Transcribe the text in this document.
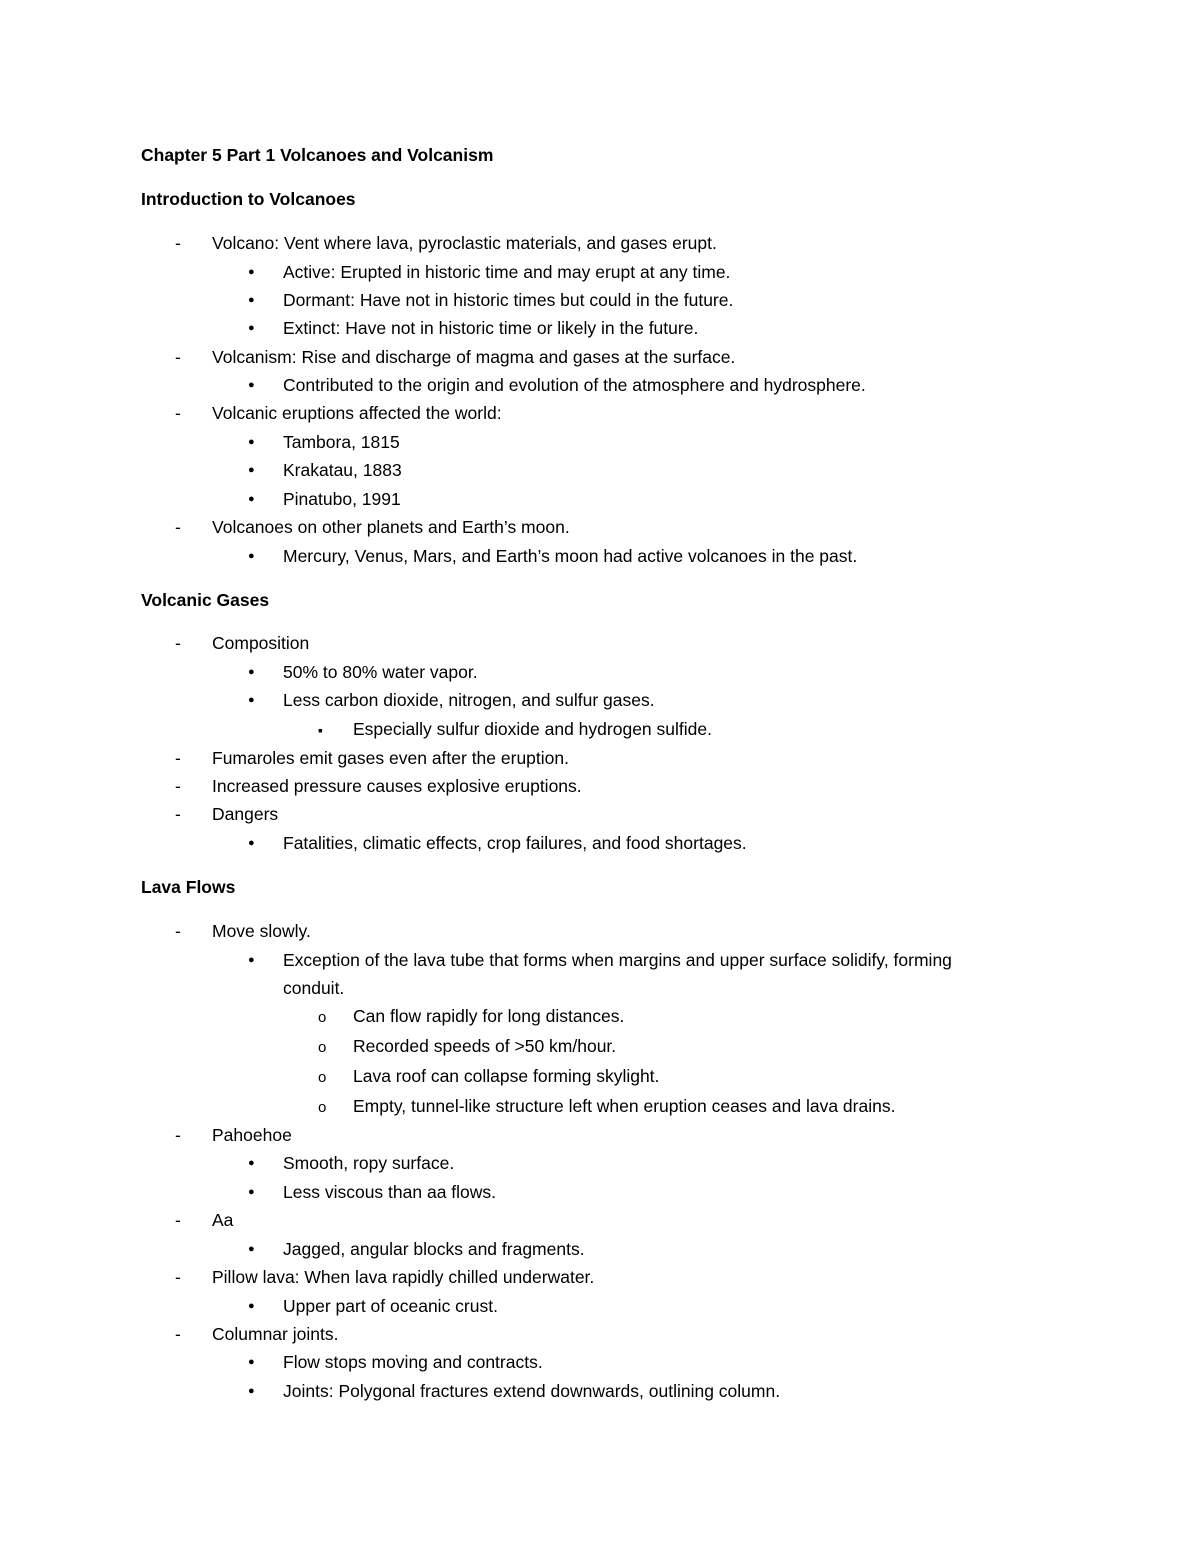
Chapter 5 Part 1 Volcanoes and Volcanism
Introduction to Volcanoes
-
Volcano: Vent where lava, pyroclastic materials, and gases erupt.
●
Active: Erupted in historic time and may erupt at any time.
●
Dormant: Have not in historic times but could in the future.
●
Extinct: Have not in historic time or likely in the future.
-
Volcanism: Rise and discharge of magma and gases at the surface.
●
Contributed to the origin and evolution of the atmosphere and hydrosphere.
-
Volcanic eruptions affected the world:
●
Tambora, 1815
●
Krakatau, 1883
●
Pinatubo, 1991
-
Volcanoes on other planets and Earth’s moon.
●
Mercury, Venus, Mars, and Earth’s moon had active volcanoes in the past.
Volcanic Gases
-
Composition
●
50% to 80% water vapor.
●
Less carbon dioxide, nitrogen, and sulfur gases.
▪
Especially sulfur dioxide and hydrogen sulfide.
-
Fumaroles emit gases even after the eruption.
-
Increased pressure causes explosive eruptions.
-
Dangers
●
Fatalities, climatic effects, crop failures, and food shortages.
Lava Flows
-
Move slowly.
●
Exception of the lava tube that forms when margins and upper surface solidify, forming
conduit.
o
Can flow rapidly for long distances.
o
Recorded speeds of >50 km/hour.
o
Lava roof can collapse forming skylight.
o
Empty, tunnel-like structure left when eruption ceases and lava drains.
-
Pahoehoe
●
Smooth, ropy surface.
●
Less viscous than aa flows.
-
Aa
●
Jagged, angular blocks and fragments.
-
Pillow lava: When lava rapidly chilled underwater.
●
Upper part of oceanic crust.
-
Columnar joints.
●
Flow stops moving and contracts.
●
Joints: Polygonal fractures extend downwards, outlining column.
